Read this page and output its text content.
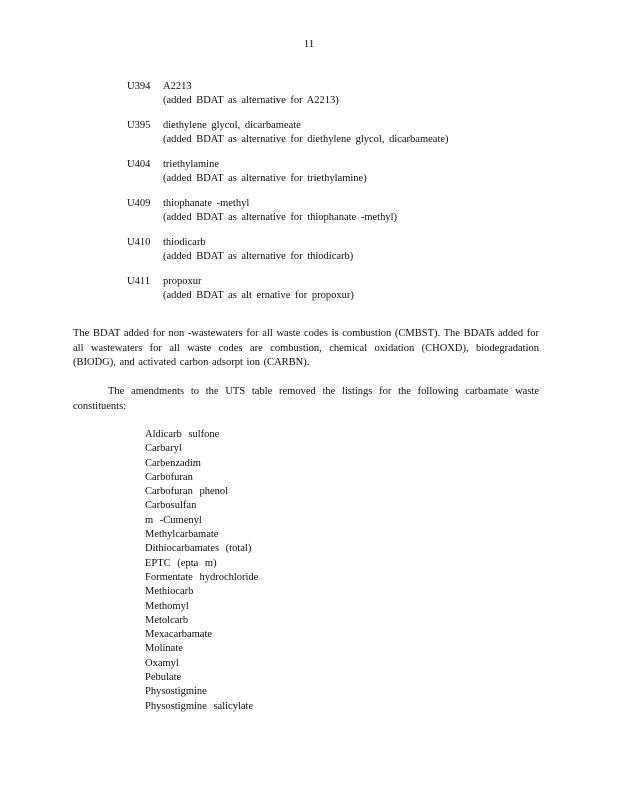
11
U394	A2213
(added BDAT as alternative for A2213)
U395	diethylene glycol, dicarbameate
(added BDAT as alternative for diethylene glycol, dicarbameate)
U404	triethylamine
(added BDAT as alternative for triethylamine)
U409	thiophanate -methyl
(added BDAT as alternative for thiophanate -methyl)
U410	thiodicarb
(added BDAT as alternative for thiodicarb)
U411	propoxur
(added BDAT as alt ernative for propoxur)

The BDAT added for non -wastewaters for all waste codes is combustion (CMBST). The BDATs added for all wastewaters for all waste codes are combustion, chemical oxidation (CHOXD), biodegradation (BIODG), and activated carbon adsorpt ion (CARBN).

The amendments to the UTS table removed the listings for the following carbamate waste constituents:

Aldicarb sulfone
Carbaryl
Carbenzadim
Carbofuran
Carbofuran phenol
Carbosulfan
m -Cumenyl
Methylcarbamate
Dithiocarbamates (total)
EPTC (epta m)
Formentate hydrochloride
Methiocarb
Methomyl
Metolcarb
Mexacarbamate
Molinate
Oxamyl
Pebulate
Physostigmine
Physostigmine salicylate
